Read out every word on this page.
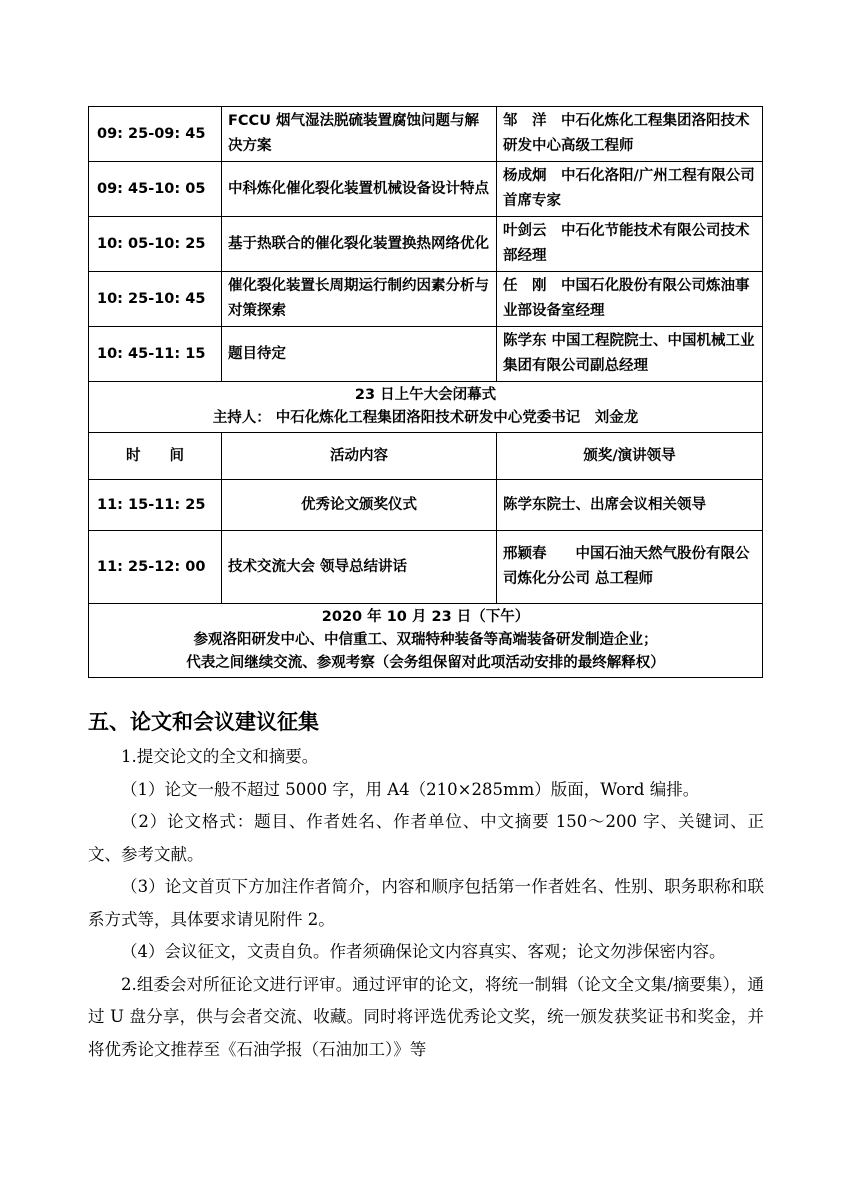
09: 25-09: 45	FCCU 烟气湿法脱硫装置腐蚀问题与解决方案	邹　洋　中石化炼化工程集团洛阳技术研发中心高级工程师
09: 45-10: 05	中科炼化催化裂化装置机械设备设计特点	杨成炯　中石化洛阳/广州工程有限公司首席专家
10: 05-10: 25	基于热联合的催化裂化装置换热网络优化	叶剑云　中石化节能技术有限公司技术部经理
10: 25-10: 45	催化裂化装置长周期运行制约因素分析与对策探索	任　刚　中国石化股份有限公司炼油事业部设备室经理
10: 45-11: 15	题目待定	陈学东 中国工程院院士、中国机械工业集团有限公司副总经理

23 日上午大会闭幕式
主持人： 中石化炼化工程集团洛阳技术研发中心党委书记　刘金龙		

时　　间	活动内容	颁奖/演讲领导
11: 15-11: 25	优秀论文颁奖仪式	陈学东院士、出席会议相关领导
11: 25-12: 00	技术交流大会 领导总结讲话	邢颖春　　中国石油天然气股份有限公司炼化分公司 总工程师

2020 年 10 月 23 日（下午）
参观洛阳研发中心、中信重工、双瑞特种装备等高端装备研发制造企业；
代表之间继续交流、参观考察（会务组保留对此项活动安排的最终解释权）		
五、论文和会议建议征集

1.提交论文的全文和摘要。

（1）论文一般不超过 5000 字，用 A4（210×285mm）版面，Word 编排。

（2）论文格式：题目、作者姓名、作者单位、中文摘要 150～200 字、关键词、正文、参考文献。

（3）论文首页下方加注作者简介，内容和顺序包括第一作者姓名、性别、职务职称和联系方式等，具体要求请见附件 2。

（4）会议征文，文责自负。作者须确保论文内容真实、客观；论文勿涉保密内容。

2.组委会对所征论文进行评审。通过评审的论文，将统一制辑（论文全文集/摘要集），通过 U 盘分享，供与会者交流、收藏。同时将评选优秀论文奖，统一颁发获奖证书和奖金，并将优秀论文推荐至《石油学报（石油加工）》等
